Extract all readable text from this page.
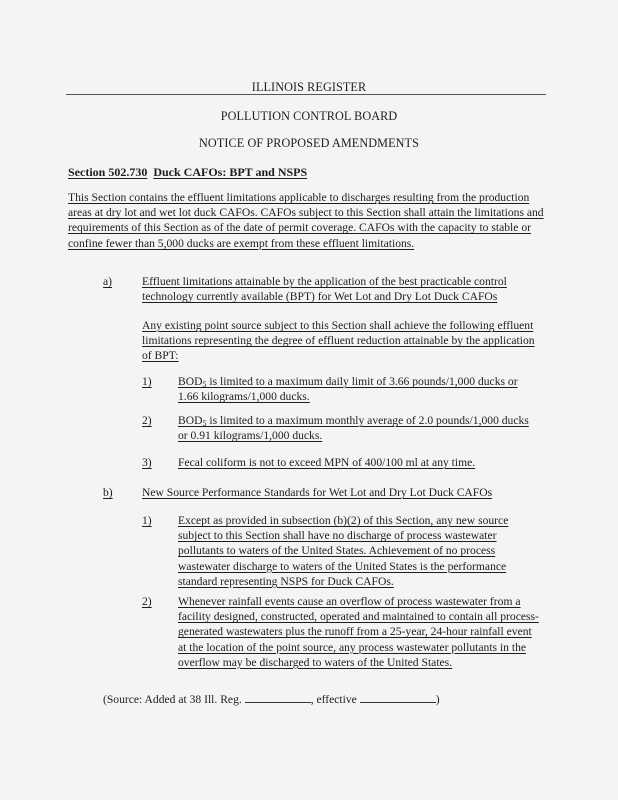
ILLINOIS REGISTER
POLLUTION CONTROL BOARD
NOTICE OF PROPOSED AMENDMENTS
Section 502.730 Duck CAFOs: BPT and NSPS
This Section contains the effluent limitations applicable to discharges resulting from the production areas at dry lot and wet lot duck CAFOs. CAFOs subject to this Section shall attain the limitations and requirements of this Section as of the date of permit coverage. CAFOs with the capacity to stable or confine fewer than 5,000 ducks are exempt from these effluent limitations.
a)	Effluent limitations attainable by the application of the best practicable control technology currently available (BPT) for Wet Lot and Dry Lot Duck CAFOs
Any existing point source subject to this Section shall achieve the following effluent limitations representing the degree of effluent reduction attainable by the application of BPT:
1) $BOD_5$ is limited to a maximum daily limit of 3.66 pounds/1,000 ducks or 1.66 kilograms/1,000 ducks.
2) $BOD_5$ is limited to a maximum monthly average of 2.0 pounds/1,000 ducks or 0.91 kilograms/1,000 ducks.
3) Fecal coliform is not to exceed MPN of 400/100 ml at any time.
b)	New Source Performance Standards for Wet Lot and Dry Lot Duck CAFOs
1) Except as provided in subsection (b)(2) of this Section, any new source subject to this Section shall have no discharge of process wastewater pollutants to waters of the United States. Achievement of no process wastewater discharge to waters of the United States is the performance standard representing NSPS for Duck CAFOs.
2) Whenever rainfall events cause an overflow of process wastewater from a facility designed, constructed, operated and maintained to contain all process-generated wastewaters plus the runoff from a 25-year, 24-hour rainfall event at the location of the point source, any process wastewater pollutants in the overflow may be discharged to waters of the United States.
(Source: Added at 38 Ill. Reg.	, effective	)
